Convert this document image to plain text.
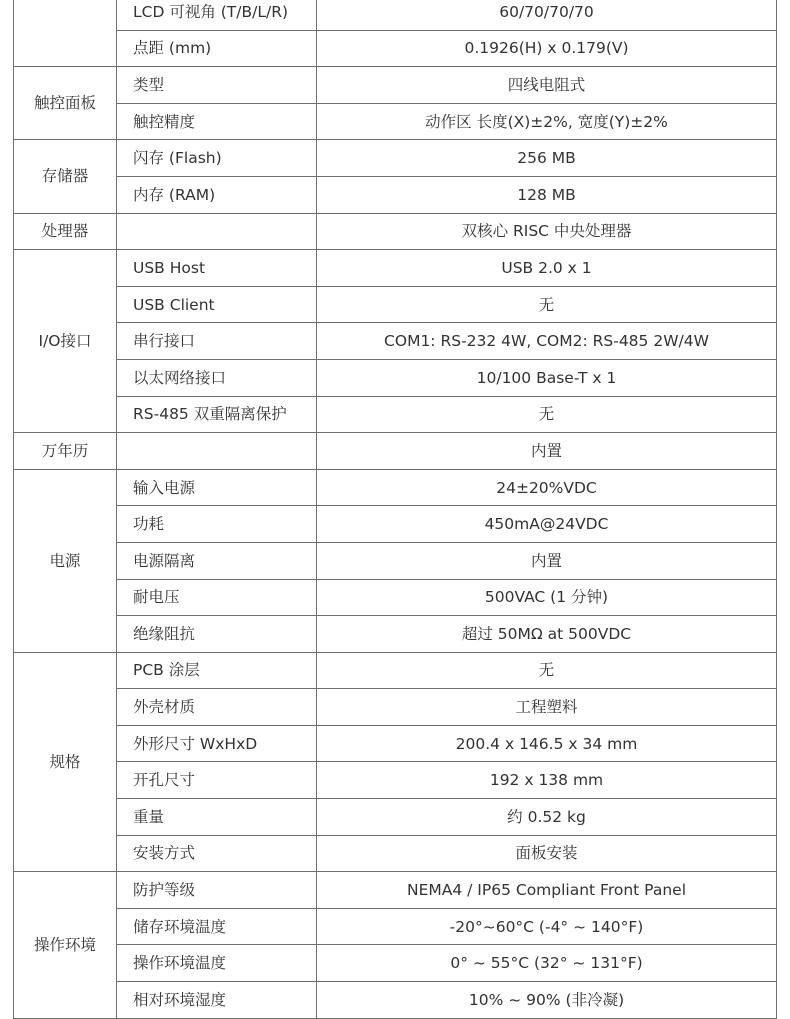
	LCD 可视角 (T/B/L/R)	60/70/70/70
	点距 (mm)	0.1926(H) x 0.179(V)
触控面板	类型	四线电阻式
	触控精度	动作区 长度(X)±2%, 宽度(Y)±2%
存储器	闪存 (Flash)	256 MB
	内存 (RAM)	128 MB
处理器		双核心 RISC 中央处理器
I/O接口	USB Host	USB 2.0 x 1
	USB Client	无
	串行接口	COM1: RS-232 4W, COM2: RS-485 2W/4W
	以太网络接口	10/100 Base-T x 1
	RS-485 双重隔离保护	无
万年历		内置
电源	输入电源	24±20%VDC
	功耗	450mA@24VDC
	电源隔离	内置
	耐电压	500VAC (1 分钟)
	绝缘阻抗	超过 50MΩ at 500VDC
规格	PCB 涂层	无
	外壳材质	工程塑料
	外形尺寸 WxHxD	200.4 x 146.5 x 34 mm
	开孔尺寸	192 x 138 mm
	重量	约 0.52 kg
	安装方式	面板安装
操作环境	防护等级	NEMA4 / IP65 Compliant Front Panel
	储存环境温度	-20°~60°C (-4° ~ 140°F)
	操作环境温度	0° ~ 55°C (32° ~ 131°F)
	相对环境湿度	10% ~ 90% (非冷凝)
